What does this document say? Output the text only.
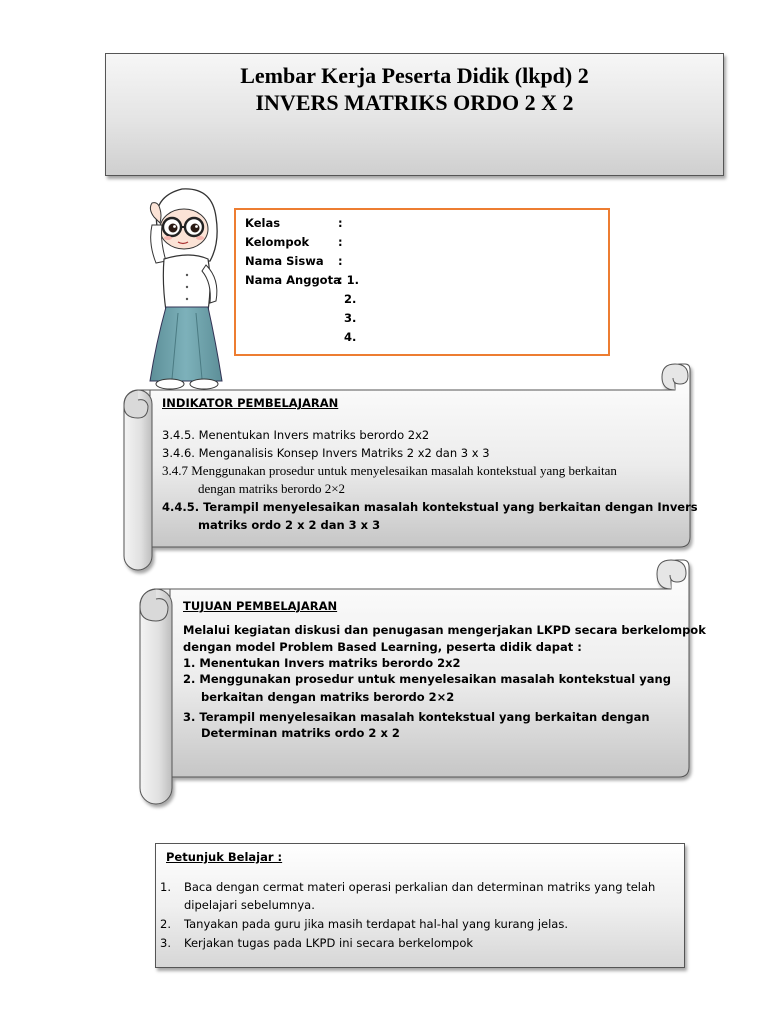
Lembar Kerja Peserta Didik (lkpd) 2
INVERS MATRIKS ORDO 2 X 2
Kelas	:
Kelompok	:
Nama Siswa :
Nama Anggota: 1.
2.
3.
4.
INDIKATOR PEMBELAJARAN
3.4.5. Menentukan Invers matriks berordo 2x2
3.4.6. Menganalisis Konsep Invers Matriks 2 x2 dan 3 x 3
3.4.7 Menggunakan prosedur untuk menyelesaikan masalah kontekstual yang berkaitan
dengan matriks berordo 2×2
4.4.5. Terampil menyelesaikan masalah kontekstual yang berkaitan dengan Invers
matriks ordo 2 x 2 dan 3 x 3
TUJUAN PEMBELAJARAN
Melalui kegiatan diskusi dan penugasan mengerjakan LKPD secara berkelompok
dengan model Problem Based Learning, peserta didik dapat :
1. Menentukan Invers matriks berordo 2x2
2. Menggunakan prosedur untuk menyelesaikan masalah kontekstual yang
berkaitan dengan matriks berordo 2×2
3. Terampil menyelesaikan masalah kontekstual yang berkaitan dengan
Determinan matriks ordo 2 x 2
Petunjuk Belajar :
1. Baca dengan cermat materi operasi perkalian dan determinan matriks yang telah
dipelajari sebelumnya.
2. Tanyakan pada guru jika masih terdapat hal-hal yang kurang jelas.
3. Kerjakan tugas pada LKPD ini secara berkelompok
